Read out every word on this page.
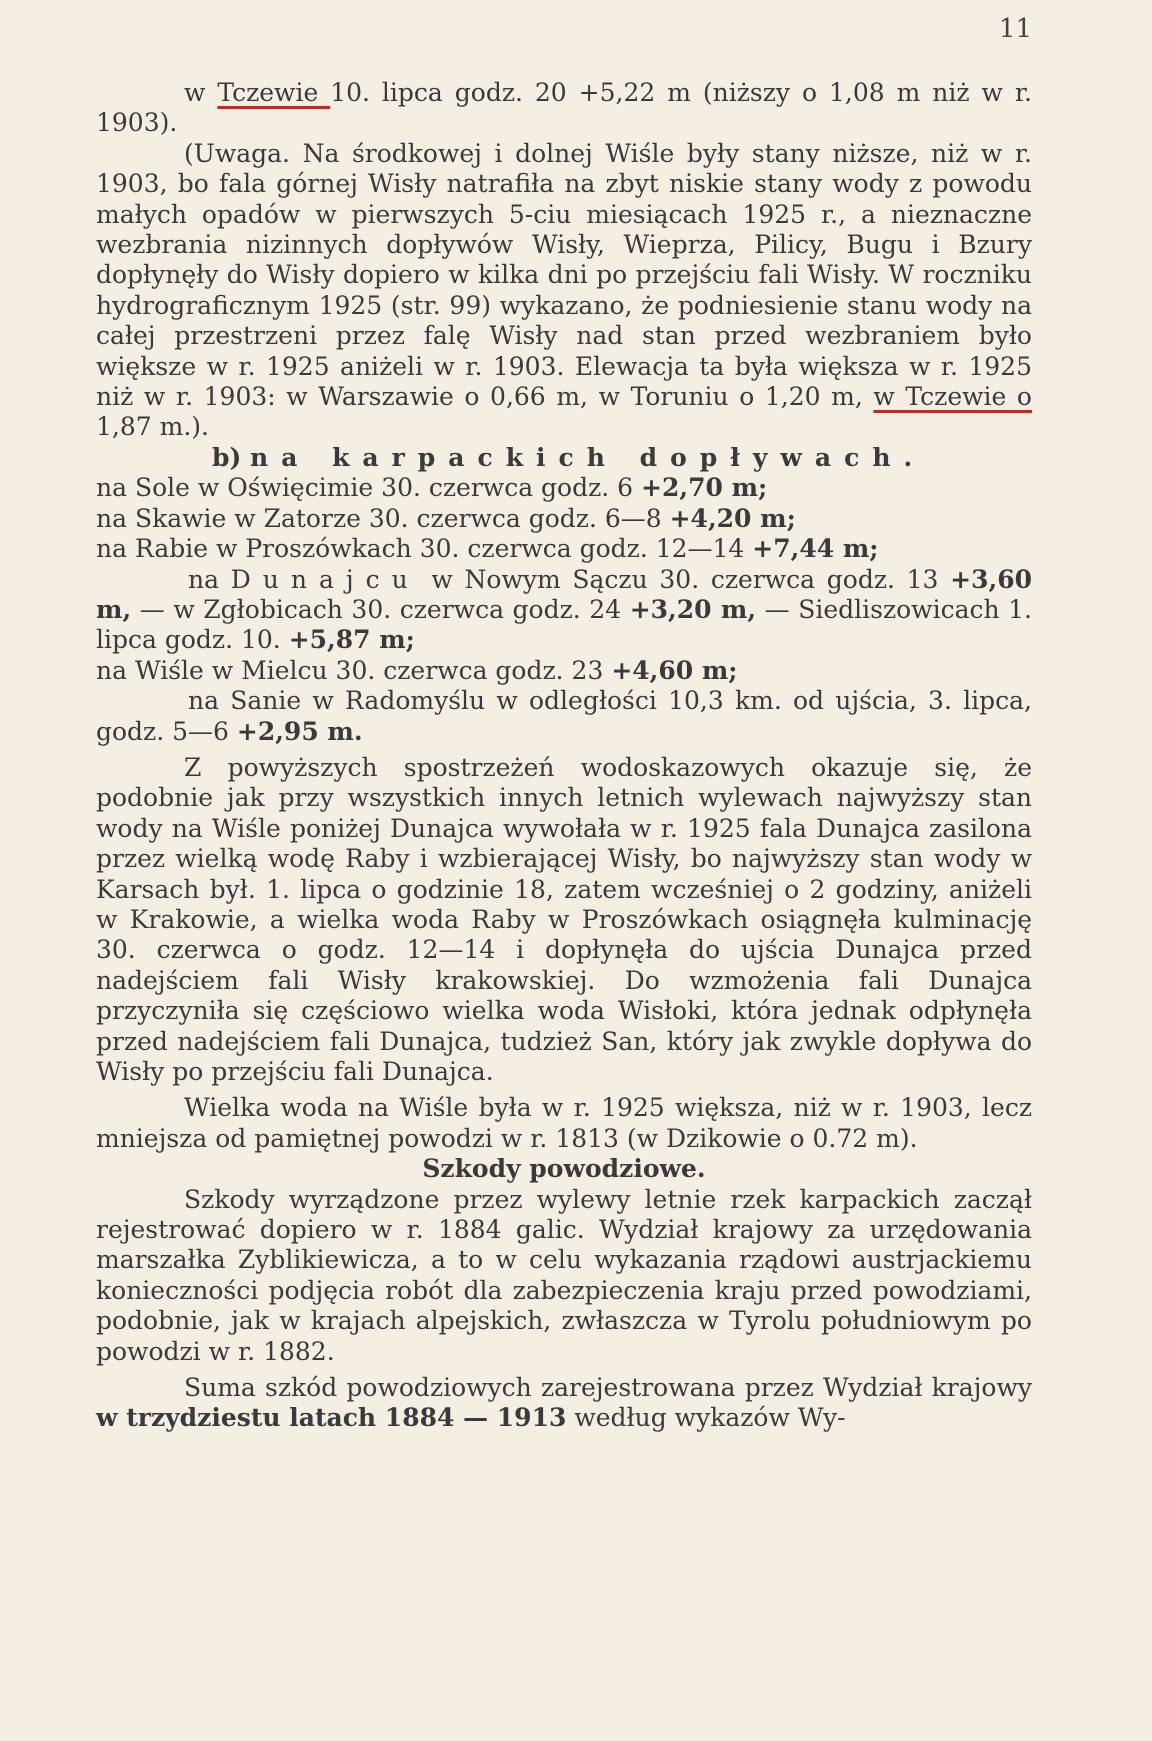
11

w Tczewie 10. lipca godz. 20 +5,22 m (niższy o 1,08 m niż w r. 1903).

(Uwaga. Na środkowej i dolnej Wiśle były stany niższe, niż w r. 1903, bo fala górnej Wisły natrafiła na zbyt niskie stany wody z powodu małych opadów w pierwszych 5-ciu miesiącach 1925 r., a nieznaczne wezbrania nizinnych dopływów Wisły, Wieprza, Pilicy, Bugu i Bzury dopłynęły do Wisły dopiero w kilka dni po przejściu fali Wisły. W roczniku hydrograficznym 1925 (str. 99) wykazano, że podniesienie stanu wody na całej przestrzeni przez falę Wisły nad stan przed wezbraniem było większe w r. 1925 aniżeli w r. 1903. Elewacja ta była większa w r. 1925 niż w r. 1903: w Warszawie o 0,66 m, w Toruniu o 1,20 m, w Tczewie o 1,87 m.).

b) na karpackich dopływach.

na Sole w Oświęcimie 30. czerwca godz. 6 +2,70 m;

na Skawie w Zatorze 30. czerwca godz. 6—8 +4,20 m;

na Rabie w Proszówkach 30. czerwca godz. 12—14 +7,44 m;

na Dunajcu w Nowym Sączu 30. czerwca godz. 13 +3,60 m, — w Zgłobicach 30. czerwca godz. 24 +3,20 m, — Siedliszowicach 1. lipca godz. 10. +5,87 m;

na Wiśle w Mielcu 30. czerwca godz. 23 +4,60 m;

na Sanie w Radomyślu w odległości 10,3 km. od ujścia, 3. lipca, godz. 5—6 +2,95 m.

Z powyższych spostrzeżeń wodoskazowych okazuje się, że podobnie jak przy wszystkich innych letnich wylewach najwyższy stan wody na Wiśle poniżej Dunajca wywołała w r. 1925 fala Dunajca zasilona przez wielką wodę Raby i wzbierającej Wisły, bo najwyższy stan wody w Karsach był. 1. lipca o godzinie 18, zatem wcześniej o 2 godziny, aniżeli w Krakowie, a wielka woda Raby w Proszówkach osiągnęła kulminację 30. czerwca o godz. 12—14 i dopłynęła do ujścia Dunajca przed nadejściem fali Wisły krakowskiej. Do wzmożenia fali Dunajca przyczyniła się częściowo wielka woda Wisłoki, która jednak odpłynęła przed nadejściem fali Dunajca, tudzież San, który jak zwykle dopływa do Wisły po przejściu fali Dunajca.

Wielka woda na Wiśle była w r. 1925 większa, niż w r. 1903, lecz mniejsza od pamiętnej powodzi w r. 1813 (w Dzikowie o 0.72 m).

Szkody powodziowe.

Szkody wyrządzone przez wylewy letnie rzek karpackich zaczął rejestrować dopiero w r. 1884 galic. Wydział krajowy za urzędowania marszałka Zyblikiewicza, a to w celu wykazania rządowi austrjackiemu konieczności podjęcia robót dla zabezpieczenia kraju przed powodziami, podobnie, jak w krajach alpejskich, zwłaszcza w Tyrolu południowym po powodzi w r. 1882.

Suma szkód powodziowych zarejestrowana przez Wydział krajowy w trzydziestu latach 1884 — 1913 według wykazów Wy-
